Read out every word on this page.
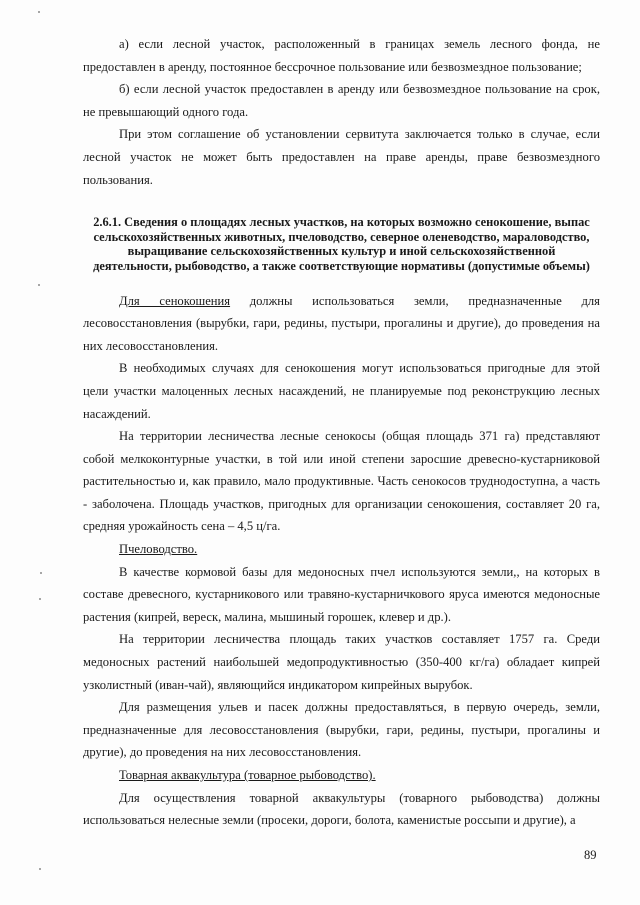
а) если лесной участок, расположенный в границах земель лесного фонда, не предоставлен в аренду, постоянное бессрочное пользование или безвозмездное пользование;

б) если лесной участок предоставлен в аренду или безвозмездное пользование на срок, не превышающий одного года.

При этом соглашение об установлении сервитута заключается только в случае, если лесной участок не может быть предоставлен на праве аренды, праве безвозмездного пользования.

2.6.1. Сведения о площадях лесных участков, на которых возможно сенокошение, выпас сельскохозяйственных животных, пчеловодство, северное оленеводство, мараловодство, выращивание сельскохозяйственных культур и иной сельскохозяйственной деятельности, рыбоводство, а также соответствующие нормативы (допустимые объемы)

Для сенокошения должны использоваться земли, предназначенные для лесовосстановления (вырубки, гари, редины, пустыри, прогалины и другие), до проведения на них лесовосстановления.

В необходимых случаях для сенокошения могут использоваться пригодные для этой цели участки малоценных лесных насаждений, не планируемые под реконструкцию лесных насаждений.

На территории лесничества лесные сенокосы (общая площадь 371 га) представляют собой мелкоконтурные участки, в той или иной степени заросшие древесно-кустарниковой растительностью и, как правило, мало продуктивные. Часть сенокосов труднодоступна, а часть - заболочена. Площадь участков, пригодных для организации сенокошения, составляет 20 га, средняя урожайность сена – 4,5 ц/га.

Пчеловодство.

В качестве кормовой базы для медоносных пчел используются земли,, на которых в составе древесного, кустарникового или травяно-кустарничкового яруса имеются медоносные растения (кипрей, вереск, малина, мышиный горошек, клевер и др.).

На территории лесничества площадь таких участков составляет 1757 га. Среди медоносных растений наибольшей медопродуктивностью (350-400 кг/га) обладает кипрей узколистный (иван-чай), являющийся индикатором кипрейных вырубок.

Для размещения ульев и пасек должны предоставляться, в первую очередь, земли, предназначенные для лесовосстановления (вырубки, гари, редины, пустыри, прогалины и другие), до проведения на них лесовосстановления.

Товарная аквакультура (товарное рыбоводство).

Для осуществления товарной аквакультуры (товарного рыбоводства) должны использоваться нелесные земли (просеки, дороги, болота, каменистые россыпи и другие), а

89
